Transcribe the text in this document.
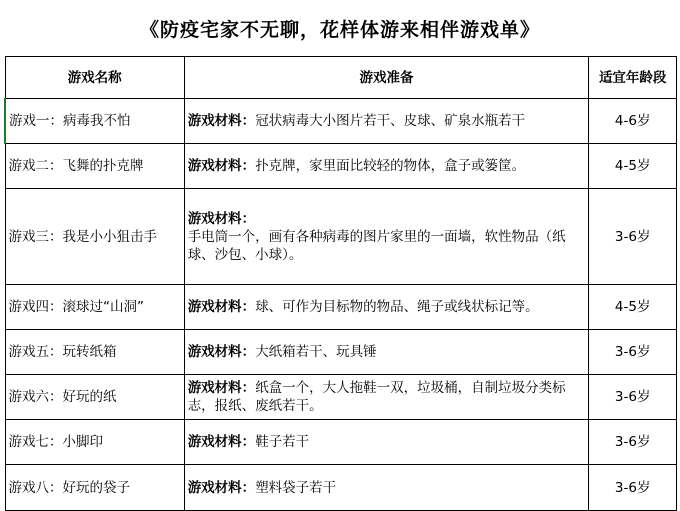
《防疫宅家不无聊，花样体游来相伴游戏单》
游戏名称	游戏准备	适宜年龄段
游戏一：病毒我不怕	游戏材料：冠状病毒大小图片若干、皮球、矿泉水瓶若干	4-6岁
游戏二：飞舞的扑克牌	游戏材料：扑克牌，家里面比较轻的物体，盒子或篓筐。	4-5岁
游戏三：我是小小狙击手	游戏材料：
手电筒一个，画有各种病毒的图片家里的一面墙，软性物品（纸球、沙包、小球）。	3-6岁
游戏四：滚球过“山洞”	游戏材料：球、可作为目标物的物品、绳子或线状标记等。	4-5岁
游戏五：玩转纸箱	游戏材料：大纸箱若干、玩具锤	3-6岁
游戏六：好玩的纸	游戏材料：纸盒一个，大人拖鞋一双，垃圾桶，自制垃圾分类标志，报纸、废纸若干。	3-6岁
游戏七：小脚印	游戏材料：鞋子若干	3-6岁
游戏八：好玩的袋子	游戏材料：塑料袋子若干	3-6岁
